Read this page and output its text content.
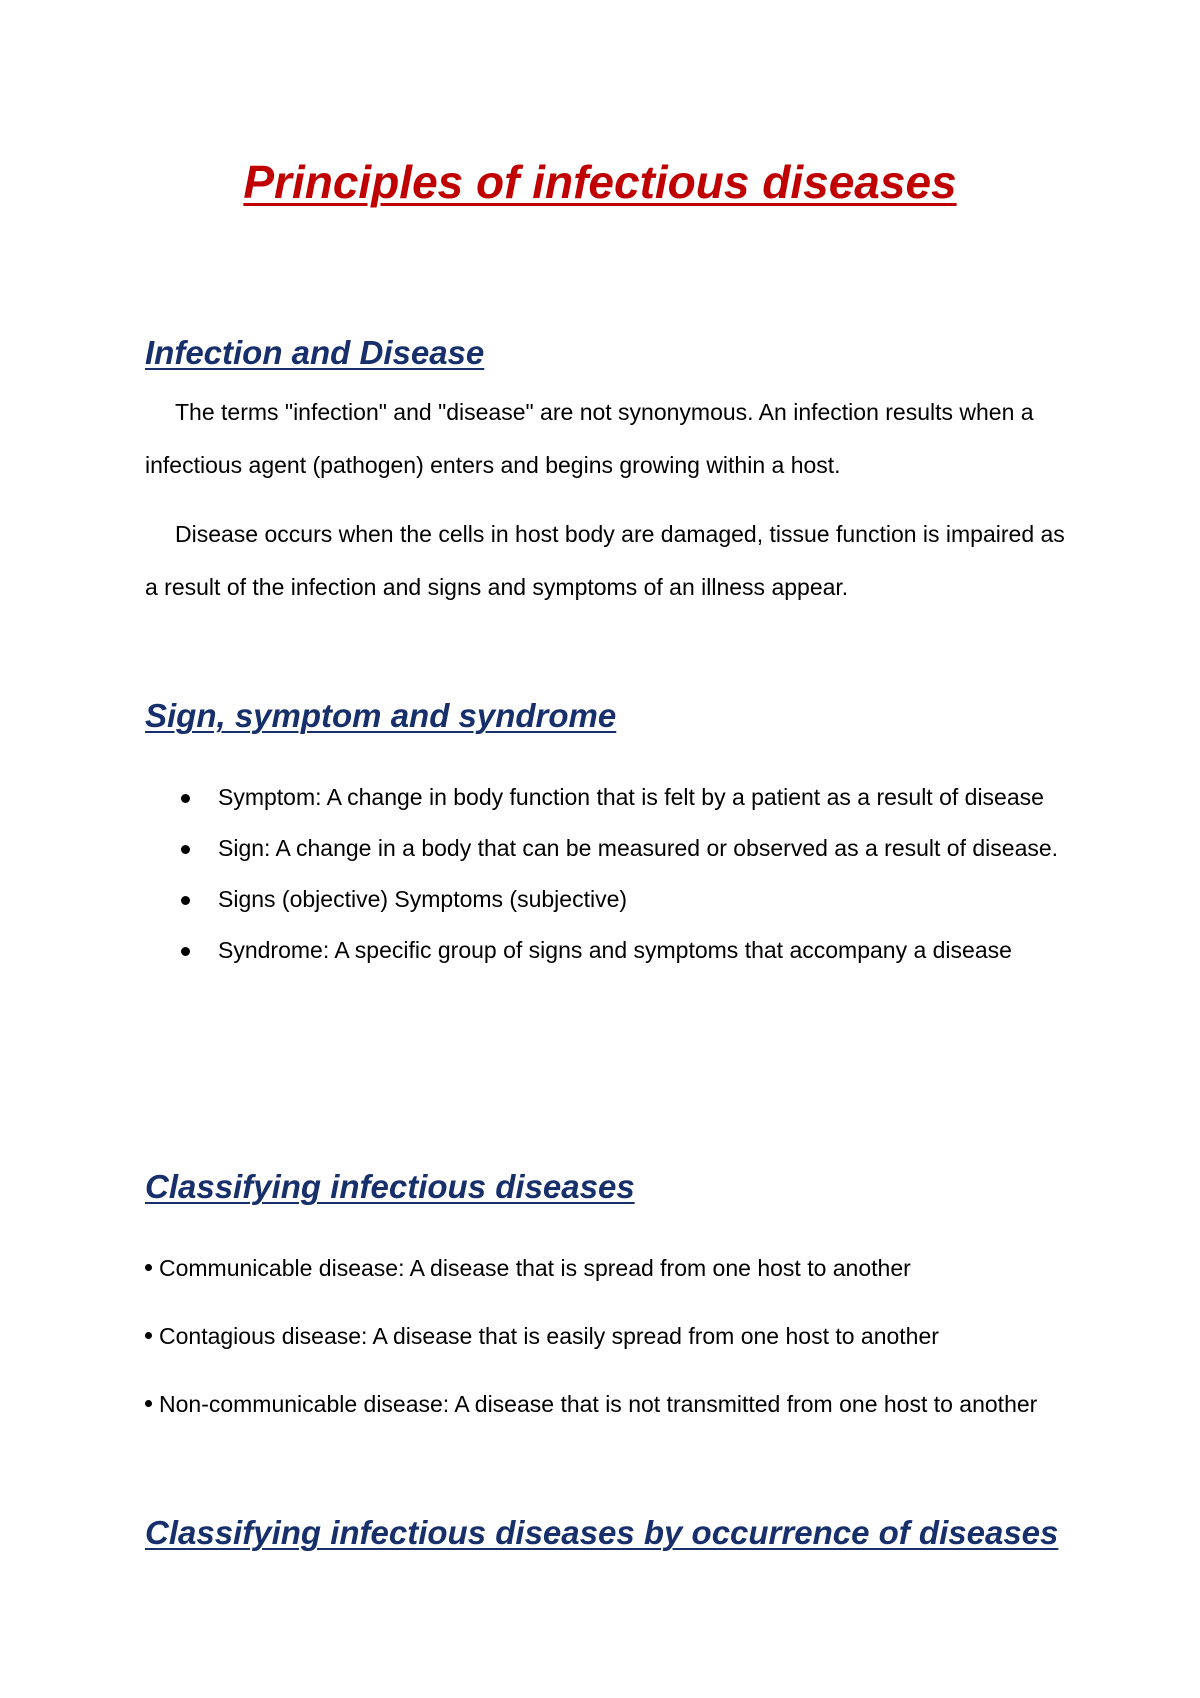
Principles of infectious diseases
Infection and Disease

The terms "infection" and "disease" are not synonymous. An infection results when a infectious agent (pathogen) enters and begins growing within a host.

Disease occurs when the cells in host body are damaged, tissue function is impaired as a result of the infection and signs and symptoms of an illness appear.

Sign, symptom and syndrome
Symptom: A change in body function that is felt by a patient as a result of disease
Sign: A change in a body that can be measured or observed as a result of disease.
Signs (objective) Symptoms (subjective)
Syndrome: A specific group of signs and symptoms that accompany a disease
Classifying infectious diseases

Communicable disease: A disease that is spread from one host to another

Contagious disease: A disease that is easily spread from one host to another

Non-communicable disease: A disease that is not transmitted from one host to another

Classifying infectious diseases by occurrence of diseases
